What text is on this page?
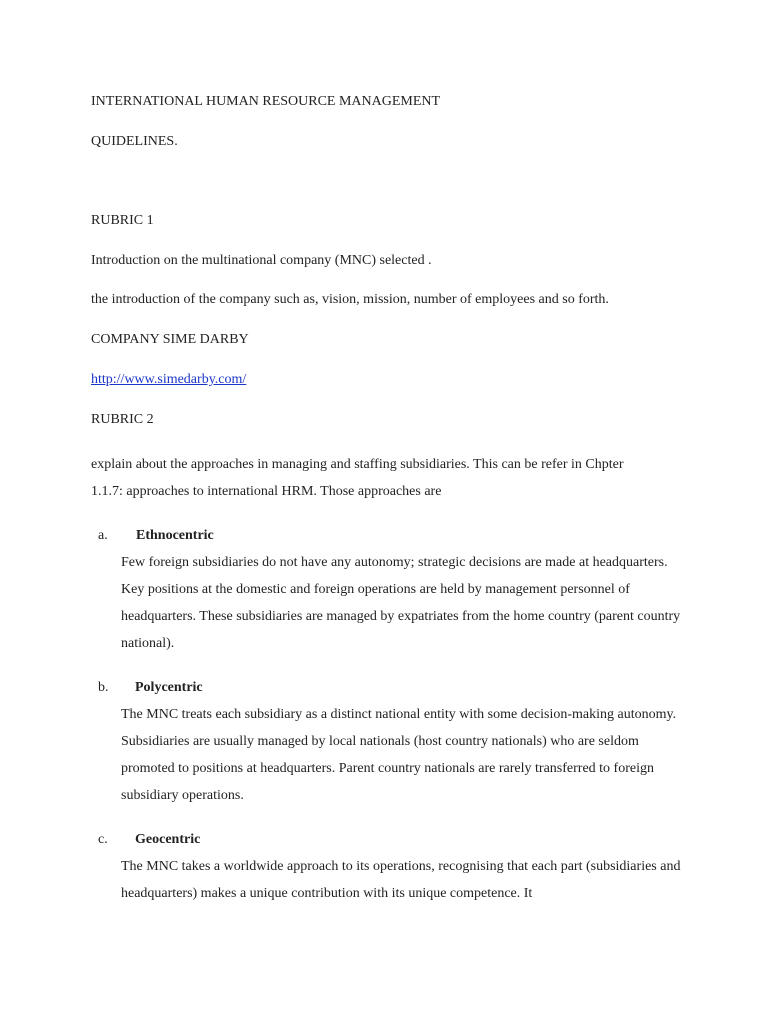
INTERNATIONAL HUMAN RESOURCE MANAGEMENT
QUIDELINES.
RUBRIC 1
Introduction on the multinational company (MNC) selected .
the introduction of the company such as, vision, mission, number of employees and so forth.
COMPANY SIME DARBY
http://www.simedarby.com/
RUBRIC 2
explain about the approaches in managing and staffing subsidiaries. This can be refer in Chpter
1.1.7: approaches to international HRM. Those approaches are
a. Ethnocentric
Few foreign subsidiaries do not have any autonomy; strategic decisions are made at headquarters. Key positions at the domestic and foreign operations are held by management personnel of headquarters. These subsidiaries are managed by expatriates from the home country (parent country national).
b. Polycentric
The MNC treats each subsidiary as a distinct national entity with some decision-making autonomy. Subsidiaries are usually managed by local nationals (host country nationals) who are seldom promoted to positions at headquarters. Parent country nationals are rarely transferred to foreign subsidiary operations.
c. Geocentric
The MNC takes a worldwide approach to its operations, recognising that each part (subsidiaries and headquarters) makes a unique contribution with its unique competence. It
